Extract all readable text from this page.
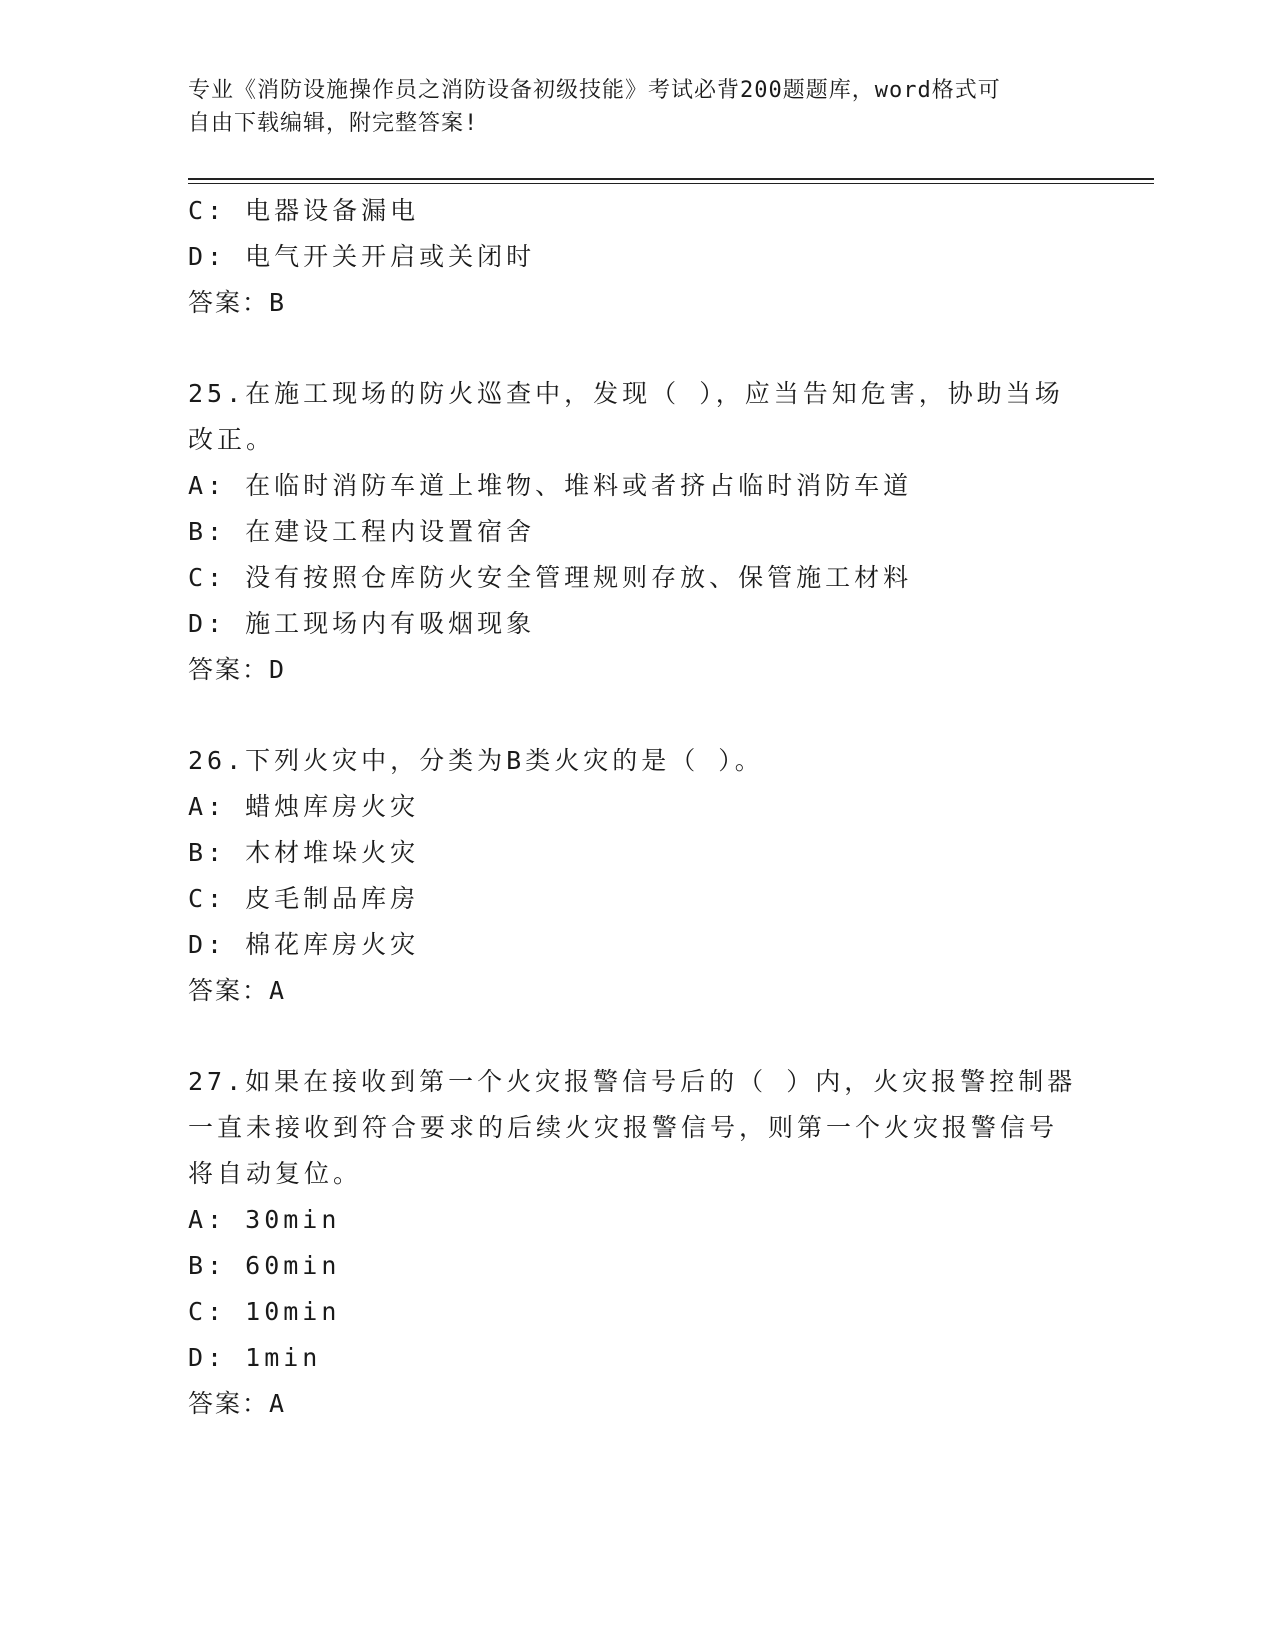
专业《消防设施操作员之消防设备初级技能》考试必背200题题库，word格式可
自由下载编辑，附完整答案!
C: 电器设备漏电
D: 电气开关开启或关闭时
答案：B
25.在施工现场的防火巡查中，发现（ ），应当告知危害，协助当场
改正。
A: 在临时消防车道上堆物、堆料或者挤占临时消防车道
B: 在建设工程内设置宿舍
C: 没有按照仓库防火安全管理规则存放、保管施工材料
D: 施工现场内有吸烟现象
答案：D
26.下列火灾中，分类为B类火灾的是（ ）。
A: 蜡烛库房火灾
B: 木材堆垛火灾
C: 皮毛制品库房
D: 棉花库房火灾
答案：A
27.如果在接收到第一个火灾报警信号后的（ ）内，火灾报警控制器
一直未接收到符合要求的后续火灾报警信号，则第一个火灾报警信号
将自动复位。
A: 30min
B: 60min
C: 10min
D: 1min
答案：A
